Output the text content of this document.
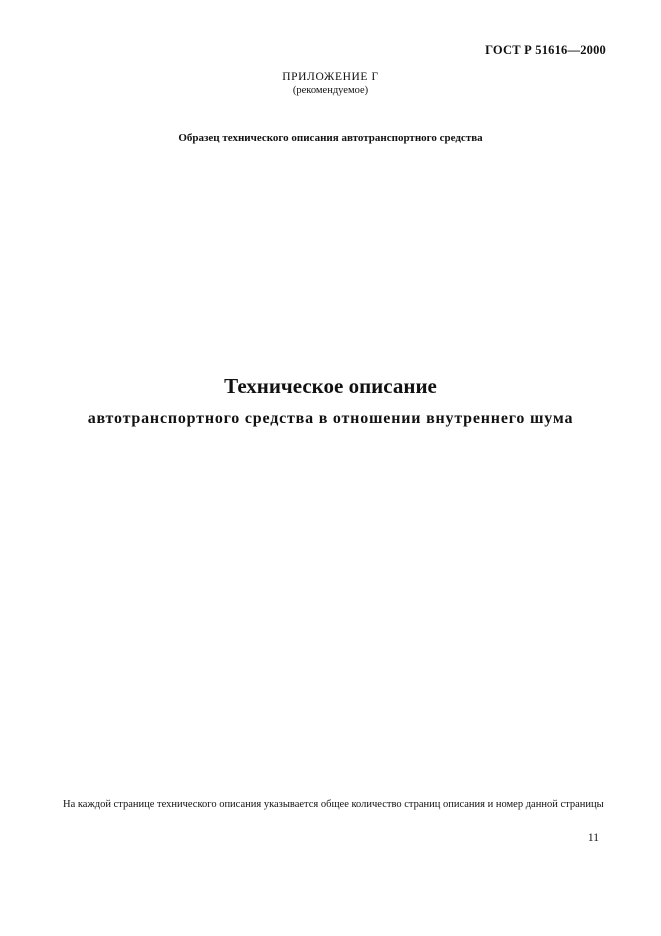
ГОСТ Р 51616—2000
ПРИЛОЖЕНИЕ Г
(рекомендуемое)
Образец технического описания автотранспортного средства
Техническое описание
автотранспортного средства в отношении внутреннего шума
На каждой странице технического описания указывается общее количество страниц описания и номер данной страницы
11
